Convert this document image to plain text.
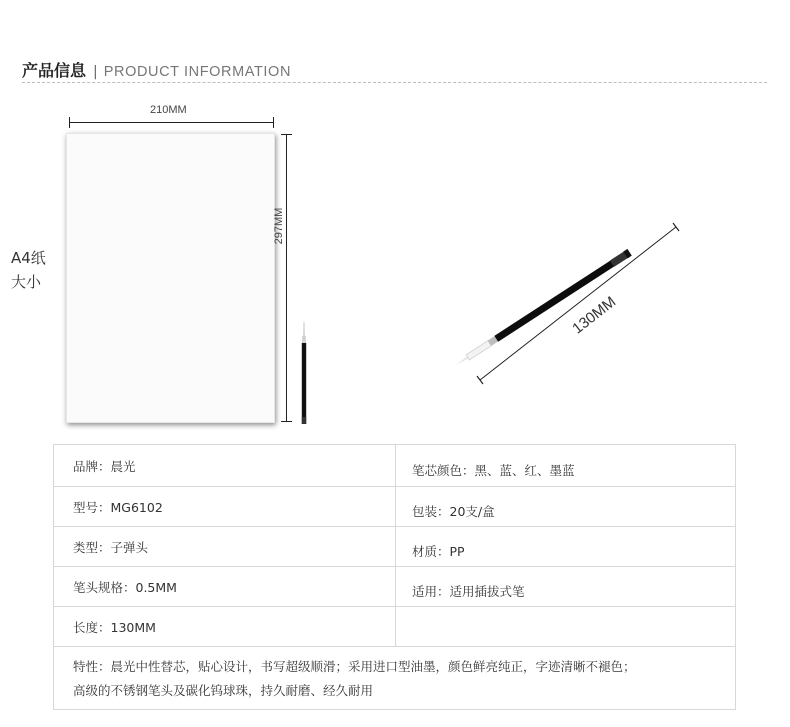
产品信息 | PRODUCT INFORMATION
210MM
297MM
A4纸
大小
130MM
品牌：晨光	笔芯颜色：黑、蓝、红、墨蓝
型号：MG6102	包装：20支/盒
类型：子弹头	材质：PP
笔头规格：0.5MM	适用：适用插拔式笔
长度：130MM	

特性：晨光中性替芯，贴心设计，书写超级顺滑；采用进口型油墨，颜色鲜亮纯正，字迹清晰不褪色；
高级的不锈钢笔头及碳化钨球珠，持久耐磨、经久耐用	
